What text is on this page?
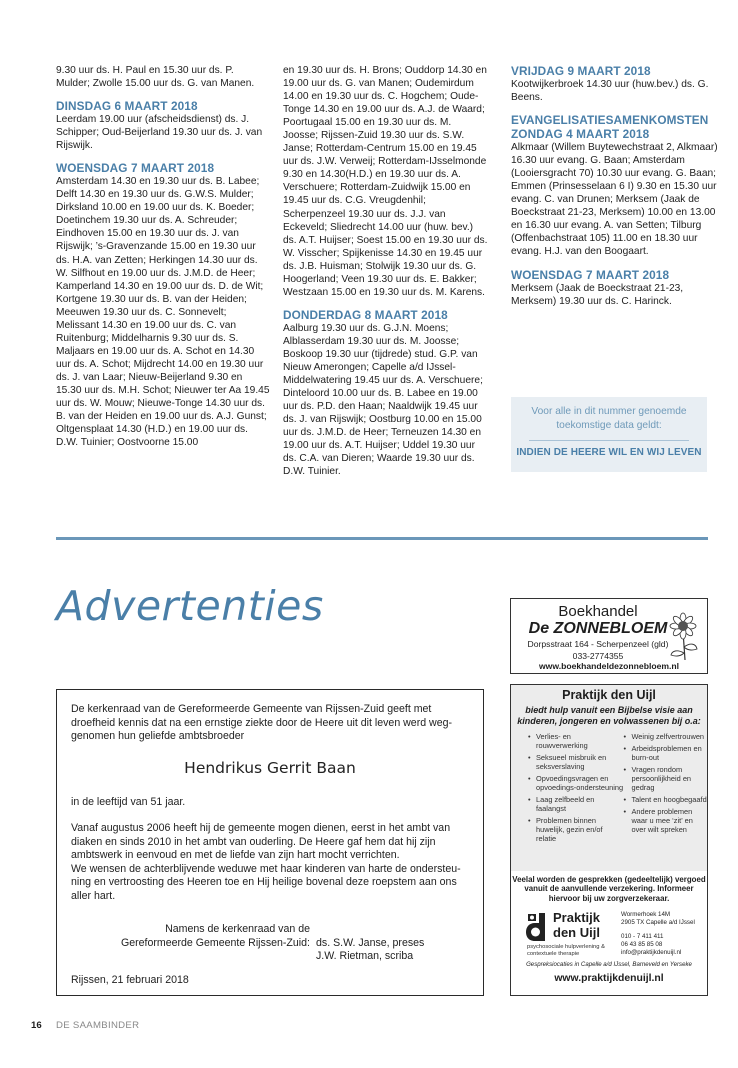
9.30 uur ds. H. Paul en 15.30 uur ds. P. Mulder; Zwolle 15.00 uur ds. G. van Manen.

DINSDAG 6 MAART 2018

Leerdam 19.00 uur (afscheidsdienst) ds. J. Schipper; Oud-Beijerland 19.30 uur ds. J. van Rijswijk.

WOENSDAG 7 MAART 2018

Amsterdam 14.30 en 19.30 uur ds. B. Labee; Delft 14.30 en 19.30 uur ds. G.W.S. Mulder; Dirksland 10.00 en 19.00 uur ds. K. Boeder; Doetinchem 19.30 uur ds. A. Schreuder; Eindhoven 15.00 en 19.30 uur ds. J. van Rijswijk; ’s-Gravenzande 15.00 en 19.30 uur ds. H.A. van Zetten; Herkingen 14.30 uur ds. W. Silfhout en 19.00 uur ds. J.M.D. de Heer; Kamperland 14.30 en 19.00 uur ds. D. de Wit; Kortgene 19.30 uur ds. B. van der Heiden; Meeuwen 19.30 uur ds. C. Sonnevelt; Melissant 14.30 en 19.00 uur ds. C. van Ruitenburg; Middelharnis 9.30 uur ds. S. Maljaars en 19.00 uur ds. A. Schot en 14.30 uur ds. A. Schot; Mijdrecht 14.00 en 19.30 uur ds. J. van Laar; Nieuw-Beijerland 9.30 en 15.30 uur ds. M.H. Schot; Nieuwer ter Aa 19.45 uur ds. W. Mouw; Nieuwe-Tonge 14.30 uur ds. B. van der Heiden en 19.00 uur ds. A.J. Gunst; Oltgensplaat 14.30 (H.D.) en 19.00 uur ds. D.W. Tuinier; Oostvoorne 15.00

en 19.30 uur ds. H. Brons; Ouddorp 14.30 en 19.00 uur ds. G. van Manen; Oudemirdum 14.00 en 19.30 uur ds. C. Hogchem; Oude-Tonge 14.30 en 19.00 uur ds. A.J. de Waard; Poortugaal 15.00 en 19.30 uur ds. M. Joosse; Rijssen-Zuid 19.30 uur ds. S.W. Janse; Rotterdam-Centrum 15.00 en 19.45 uur ds. J.W. Verweij; Rotterdam-IJsselmonde 9.30 en 14.30(H.D.) en 19.30 uur ds. A. Verschuere; Rotterdam-Zuidwijk 15.00 en 19.45 uur ds. C.G. Vreugdenhil; Scherpenzeel 19.30 uur ds. J.J. van Eckeveld; Sliedrecht 14.00 uur (huw. bev.) ds. A.T. Huijser; Soest 15.00 en 19.30 uur ds. W. Visscher; Spijkenisse 14.30 en 19.45 uur ds. J.B. Huisman; Stolwijk 19.30 uur ds. G. Hoogerland; Veen 19.30 uur ds. E. Bakker; Westzaan 15.00 en 19.30 uur ds. M. Karens.

DONDERDAG 8 MAART 2018

Aalburg 19.30 uur ds. G.J.N. Moens; Alblasserdam 19.30 uur ds. M. Joosse; Boskoop 19.30 uur (tijdrede) stud. G.P. van Nieuw Amerongen; Capelle a/d IJssel-Middelwatering 19.45 uur ds. A. Verschuere; Dinteloord 10.00 uur ds. B. Labee en 19.00 uur ds. P.D. den Haan; Naaldwijk 19.45 uur ds. J. van Rijswijk; Oostburg 10.00 en 15.00 uur ds. J.M.D. de Heer; Terneuzen 14.30 en 19.00 uur ds. A.T. Huijser; Uddel 19.30 uur ds. C.A. van Dieren; Waarde 19.30 uur ds. D.W. Tuinier.

VRIJDAG 9 MAART 2018

Kootwijkerbroek 14.30 uur (huw.bev.) ds. G. Beens.

EVANGELISATIESAMENKOMSTEN ZONDAG 4 MAART 2018

Alkmaar (Willem Buytewechstraat 2, Alkmaar) 16.30 uur evang. G. Baan; Amsterdam (Looiersgracht 70) 10.30 uur evang. G. Baan; Emmen (Prinsesselaan 6 I) 9.30 en 15.30 uur evang. C. van Drunen; Merksem (Jaak de Boeckstraat 21-23, Merksem) 10.00 en 13.00 en 16.30 uur evang. A. van Setten; Tilburg (Offenbachstraat 105) 11.00 en 18.30 uur evang. H.J. van den Boogaart.

WOENSDAG 7 MAART 2018

Merksem (Jaak de Boeckstraat 21-23, Merksem) 19.30 uur ds. C. Harinck.

Voor alle in dit nummer genoemde
toekomstige data geldt:
INDIEN DE HEERE WIL EN WIJ LEVEN
Advertenties

De kerkenraad van de Gereformeerde Gemeente van Rijssen-Zuid geeft met droefheid kennis dat na een ernstige ziekte door de Heere uit dit leven werd weg-genomen hun geliefde ambtsbroeder

Hendrikus Gerrit Baan

in de leeftijd van 51 jaar.

Vanaf augustus 2006 heeft hij de gemeente mogen dienen, eerst in het ambt van diaken en sinds 2010 in het ambt van ouderling. De Heere gaf hem dat hij zijn ambtswerk in eenvoud en met de liefde van zijn hart mocht verrichten.

We wensen de achterblijvende weduwe met haar kinderen van harte de ondersteu-ning en vertroosting des Heeren toe en Hij heilige bovenal deze roepstem aan ons aller hart.

Namens de kerkenraad van de
Gereformeerde Gemeente Rijssen-Zuid: ds. S.W. Janse, preses
J.W. Rietman, scriba

Rijssen, 21 februari 2018

Boekhandel
De ZONNEBLOEM
Dorpsstraat 164 - Scherpenzeel (gld)
033-2774355
www.boekhandeldezonnebloem.nl
Praktijk den Uijl
biedt hulp vanuit een Bijbelse visie aan kinderen, jongeren en volwassenen bij o.a:
• Verlies- en rouwverwerking
• Seksueel misbruik en seksverslaving
• Opvoedingsvragen en opvoedings-ondersteuning
• Laag zelfbeeld en faalangst
• Problemen binnen huwelijk, gezin en/of relatie
• Weinig zelfvertrouwen
• Arbeidsproblemen en burn-out
• Vragen rondom persoonlijkheid en gedrag
• Talent en hoogbegaafd
• Andere problemen waar u mee ‘zit’ en over wilt spreken
Veelal worden de gesprekken (gedeeltelijk) vergoed vanuit de aanvullende verzekering. Informeer hiervoor bij uw zorgverzekeraar.
Praktijk
den Uijl
psychosociale hulpverlening & contextuele therapie
Wormerhoek 14M
2905 TX Capelle a/d IJssel
010 - 7 411 411
06 43 85 85 08
info@praktijkdenuijl.nl
Gespreksiocaties in Capelle a/d IJssel, Barneveld en Yerseke
www.praktijkdenuijl.nl
16 DE SAAMBINDER
